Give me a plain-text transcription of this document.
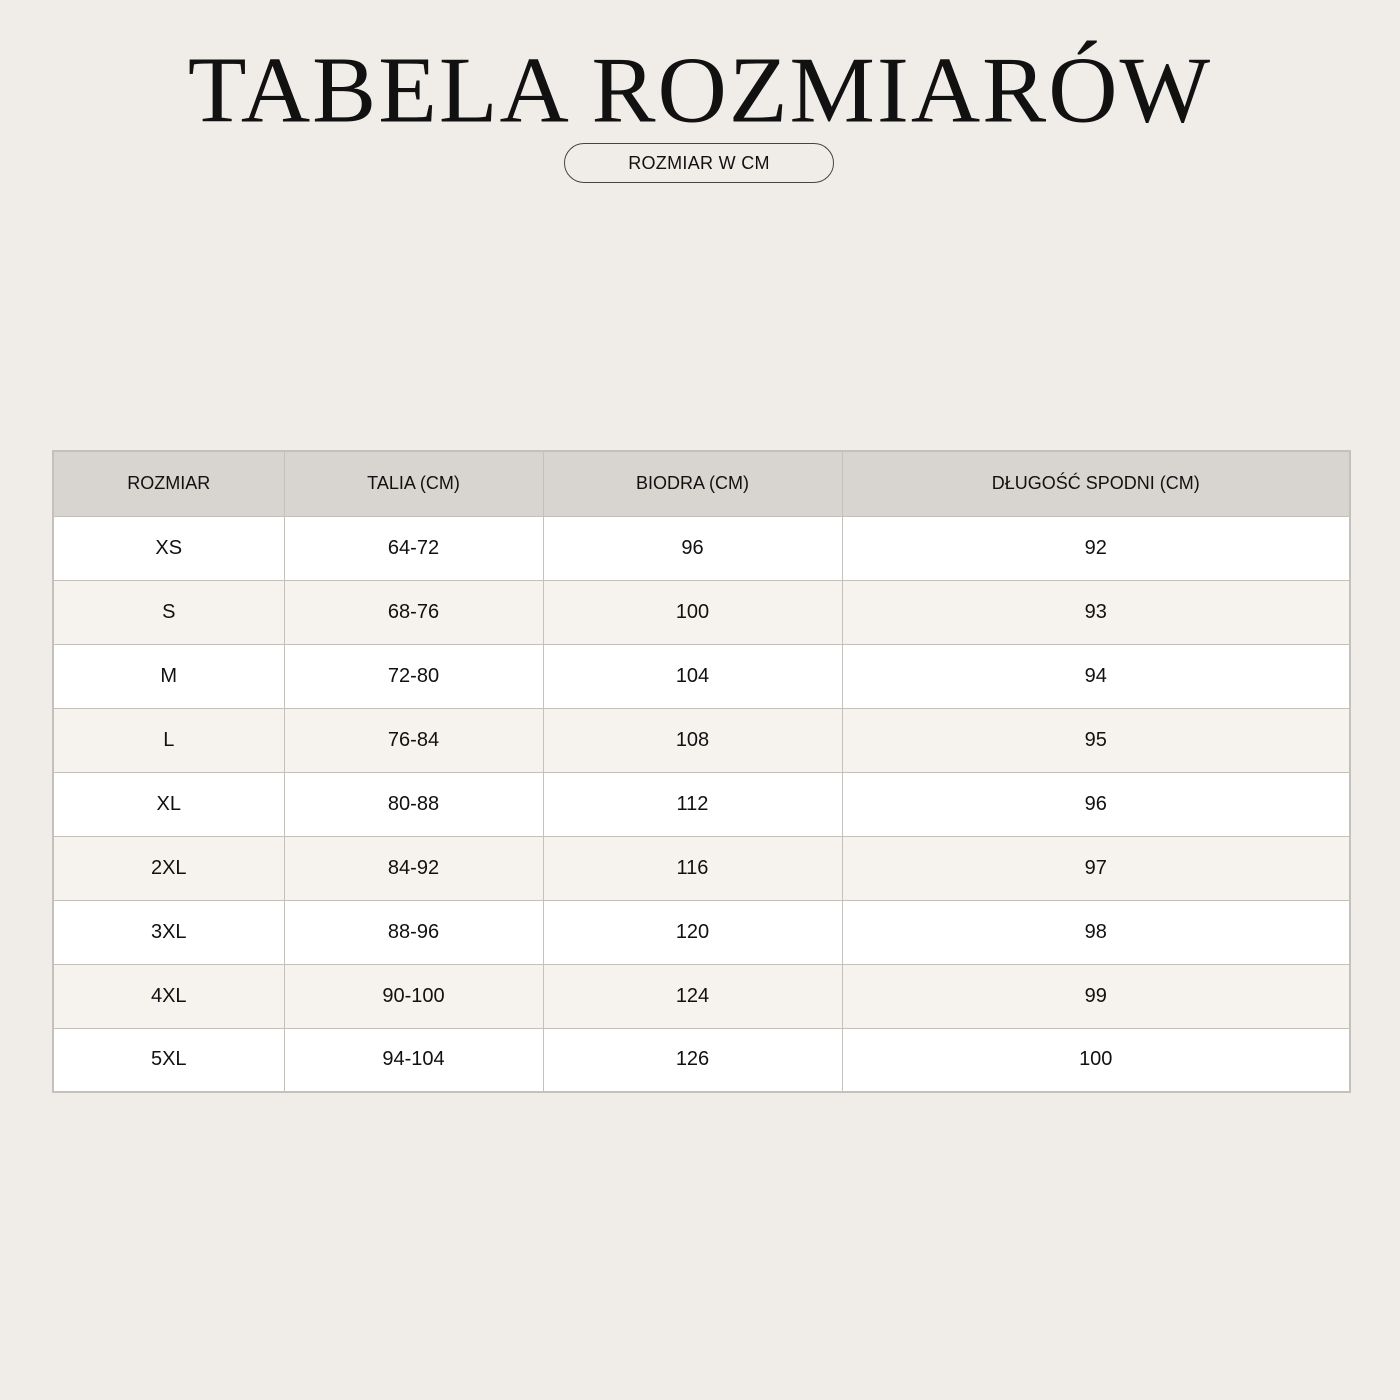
TABELA ROZMIARÓW
ROZMIAR W CM
ROZMIAR	TALIA (CM)	BIODRA (CM)	DŁUGOŚĆ SPODNI (CM)
XS	64-72	96	92
S	68-76	100	93
M	72-80	104	94
L	76-84	108	95
XL	80-88	112	96
2XL	84-92	116	97
3XL	88-96	120	98
4XL	90-100	124	99
5XL	94-104	126	100
